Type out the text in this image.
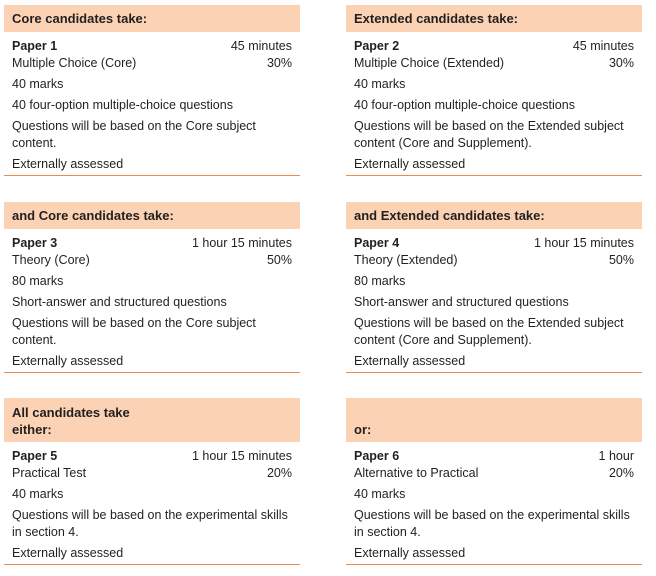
Core candidates take:
Paper 1	45 minutes
Multiple Choice (Core)	30%
40 marks
40 four-option multiple-choice questions
Questions will be based on the Core subject
content.
Externally assessed
Extended candidates take:
Paper 2	45 minutes
Multiple Choice (Extended)	30%
40 marks
40 four-option multiple-choice questions
Questions will be based on the Extended subject
content (Core and Supplement).
Externally assessed
and Core candidates take:
Paper 3	1 hour 15 minutes
Theory (Core)	50%
80 marks
Short-answer and structured questions
Questions will be based on the Core subject
content.
Externally assessed
and Extended candidates take:
Paper 4	1 hour 15 minutes
Theory (Extended)	50%
80 marks
Short-answer and structured questions
Questions will be based on the Extended subject
content (Core and Supplement).
Externally assessed
All candidates take
either:
Paper 5	1 hour 15 minutes
Practical Test	20%
40 marks
Questions will be based on the experimental skills
in section 4.
Externally assessed
or:
Paper 6	1 hour
Alternative to Practical	20%
40 marks
Questions will be based on the experimental skills
in section 4.
Externally assessed
